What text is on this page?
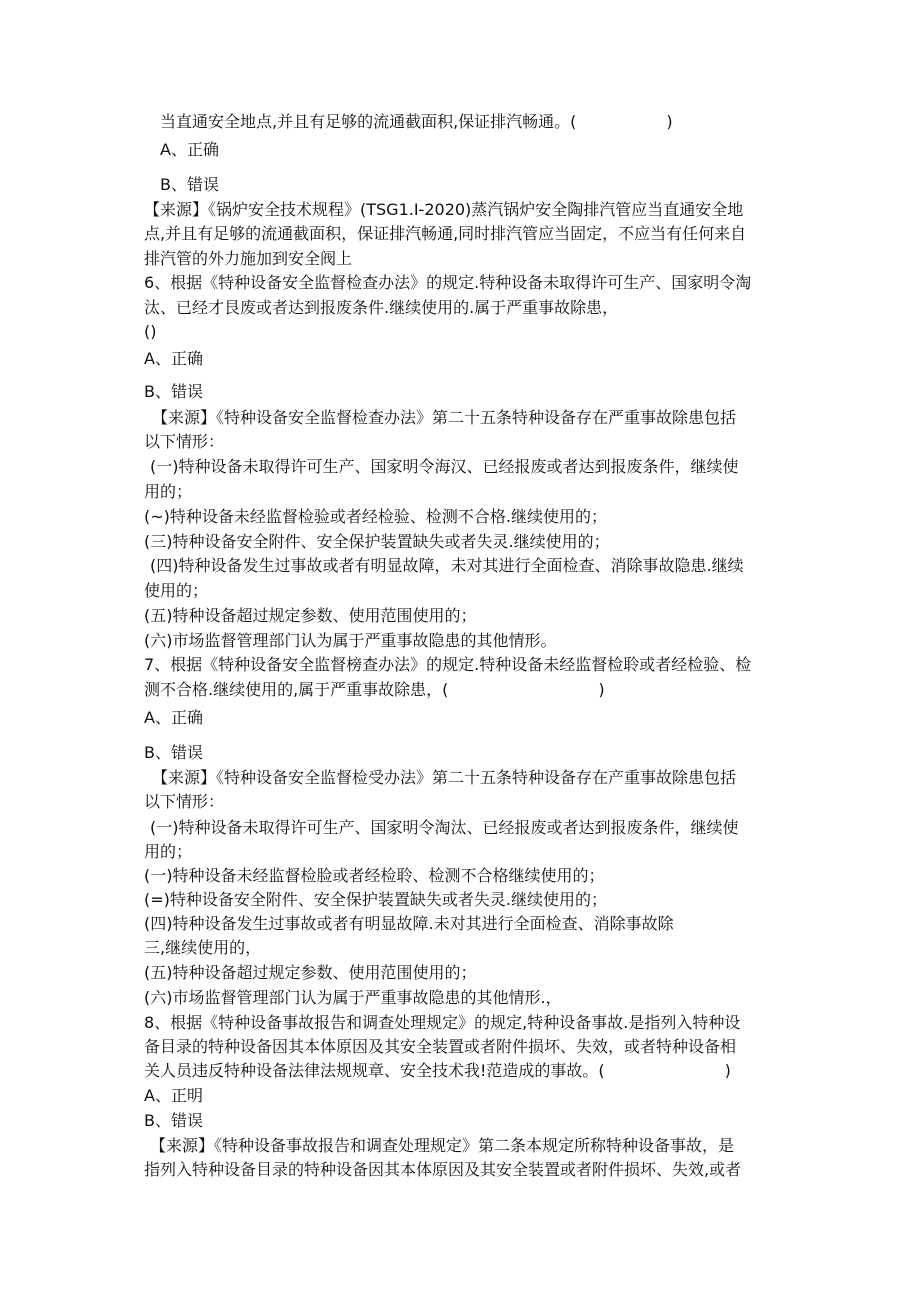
当直通安全地点,并且有足够的流通截面积,保证排汽畅通。(	)
A、正确
B、错误
【来源】《锅炉安全技术规程》(TSG1.I-2020)蒸汽锅炉安全陶排汽管应当直通安全地
点,并且有足够的流通截面积，保证排汽畅通,同时排汽管应当固定，不应当有任何来自
排汽管的外力施加到安全阀上
6、根据《特种设备安全监督检查办法》的规定.特种设备未取得许可生产、国家明令淘
汰、已经才艮废或者达到报废条件.继续使用的.属于严重事故除患，
()
A、正确
B、错误
【来源】《特种设备安全监督检查办法》第二十五条特种设备存在严重事故除患包括
以下情形：
(一)特种设备未取得许可生产、国家明令海汉、已经报废或者达到报废条件，继续使
用的；
(~)特种设备未经监督检验或者经检验、检测不合格.继续使用的；
(三)特种设备安全附件、安全保护装置缺失或者失灵.继续使用的；
(四)特种设备发生过事故或者有明显故障，未对其进行全面检查、消除事故隐患.继续
使用的；
(五)特种设备超过规定参数、使用范围使用的；
(六)市场监督管理部门认为属于严重事故隐患的其他情形。
7、根据《特种设备安全监督榜查办法》的规定.特种设备未经监督检聆或者经检验、检
测不合格.继续使用的,属于严重事故除患，(	)
A、正确
B、错误
【来源】《特种设备安全监督检受办法》第二十五条特种设备存在产重事故除患包括
以下情形：
(一)特种设备未取得许可生产、国家明令淘汰、已经报废或者达到报废条件，继续使
用的；
(一)特种设备未经监督检脸或者经检聆、检测不合格继续使用的；
(=)特种设备安全附件、安全保护装置缺失或者失灵.继续使用的；
(四)特种设备发生过事故或者有明显故障.未对其进行全面检查、消除事故除
三,继续使用的，
(五)特种设备超过规定参数、使用范围使用的；
(六)市场监督管理部门认为属于严重事故隐患的其他情形.，
8、根据《特种设备事故报告和调查处理规定》的规定,特种设备事故.是指列入特种设
备目录的特种设备因其本体原因及其安全装置或者附件损坏、失效，或者特种设备相
关人员违反特种设备法律法规规章、安全技术我!范造成的事故。(	)
A、正明
B、错误
【来源】《特种设备事故报告和调查处理规定》第二条本规定所称特种设备事故，是
指列入特种设备目录的特种设备因其本体原因及其安全装置或者附件损坏、失效,或者
